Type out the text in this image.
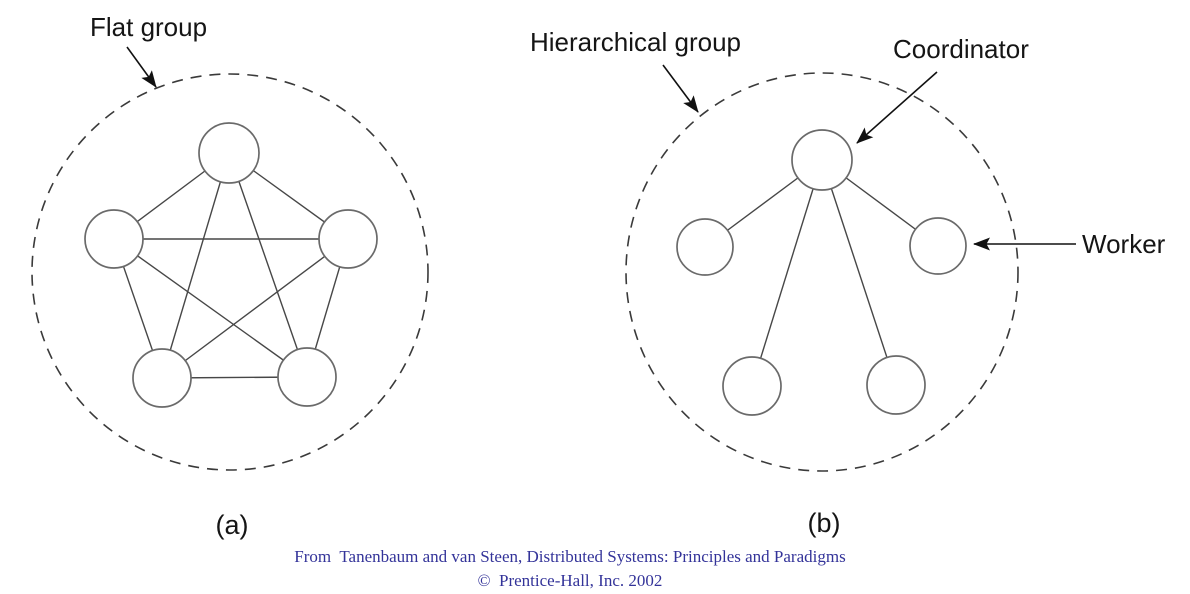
Flat group	Hierarchical group	Coordinator
Worker
(a)	(b)
From  Tanenbaum and van Steen, Distributed Systems: Principles and Paradigms
©  Prentice-Hall, Inc. 2002
